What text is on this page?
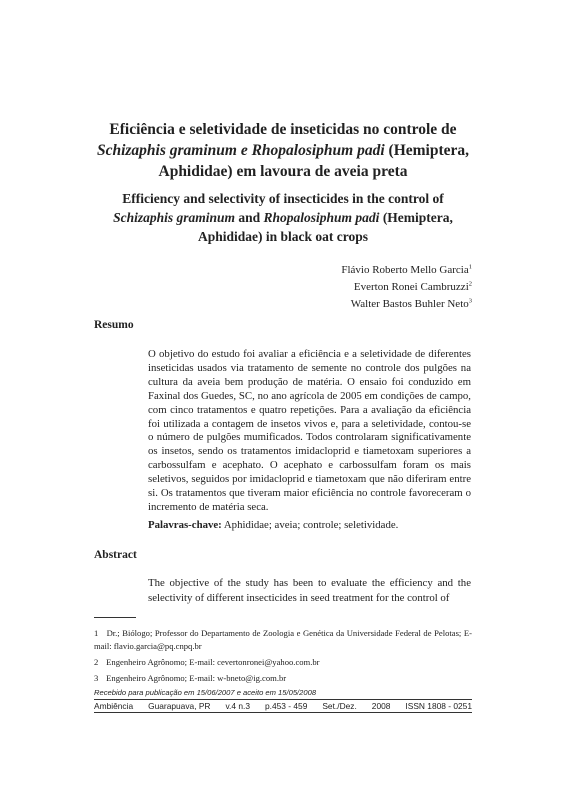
Eficiência e seletividade de inseticidas no controle de
Schizaphis graminum e Rhopalosiphum padi (Hemiptera,
Aphididae) em lavoura de aveia preta
Efficiency and selectivity of insecticides in the control of
Schizaphis graminum and Rhopalosiphum padi (Hemiptera,
Aphididae) in black oat crops
Flávio Roberto Mello Garcia$^1$
Everton Ronei Cambruzzi$^2$
Walter Bastos Buhler Neto$^3$
Resumo
O objetivo do estudo foi avaliar a eficiência e a seletividade de diferentes inseticidas usados via tratamento de semente no controle dos pulgões na cultura da aveia bem produção de matéria. O ensaio foi conduzido em Faxinal dos Guedes, SC, no ano agrícola de 2005 em condições de campo, com cinco tratamentos e quatro repetições. Para a avaliação da eficiência foi utilizada a contagem de insetos vivos e, para a seletividade, contou-se o número de pulgões mumificados. Todos controlaram significativamente os insetos, sendo os tratamentos imidacloprid e tiametoxam superiores a carbossulfam e acephato. O acephato e carbossulfam foram os mais seletivos, seguidos por imidacloprid e tiametoxam que não diferiram entre si. Os tratamentos que tiveram maior eficiência no controle favoreceram o incremento de matéria seca.
Palavras-chave: Aphididae; aveia; controle; seletividade.
Abstract
The objective of the study has been to evaluate the efficiency and the selectivity of different insecticides in seed treatment for the control of
1 Dr.; Biólogo; Professor do Departamento de Zoologia e Genética da Universidade Federal de Pelotas; E-mail: flavio.garcia@pq.cnpq.br
2 Engenheiro Agrônomo; E-mail: cevertonronei@yahoo.com.br
3 Engenheiro Agrônomo; E-mail: w-bneto@ig.com.br
Recebido para publicação em 15/06/2007 e aceito em 15/05/2008
Ambiência Guarapuava, PR v.4 n.3 p.453 - 459 Set./Dez. 2008 ISSN 1808 - 0251
